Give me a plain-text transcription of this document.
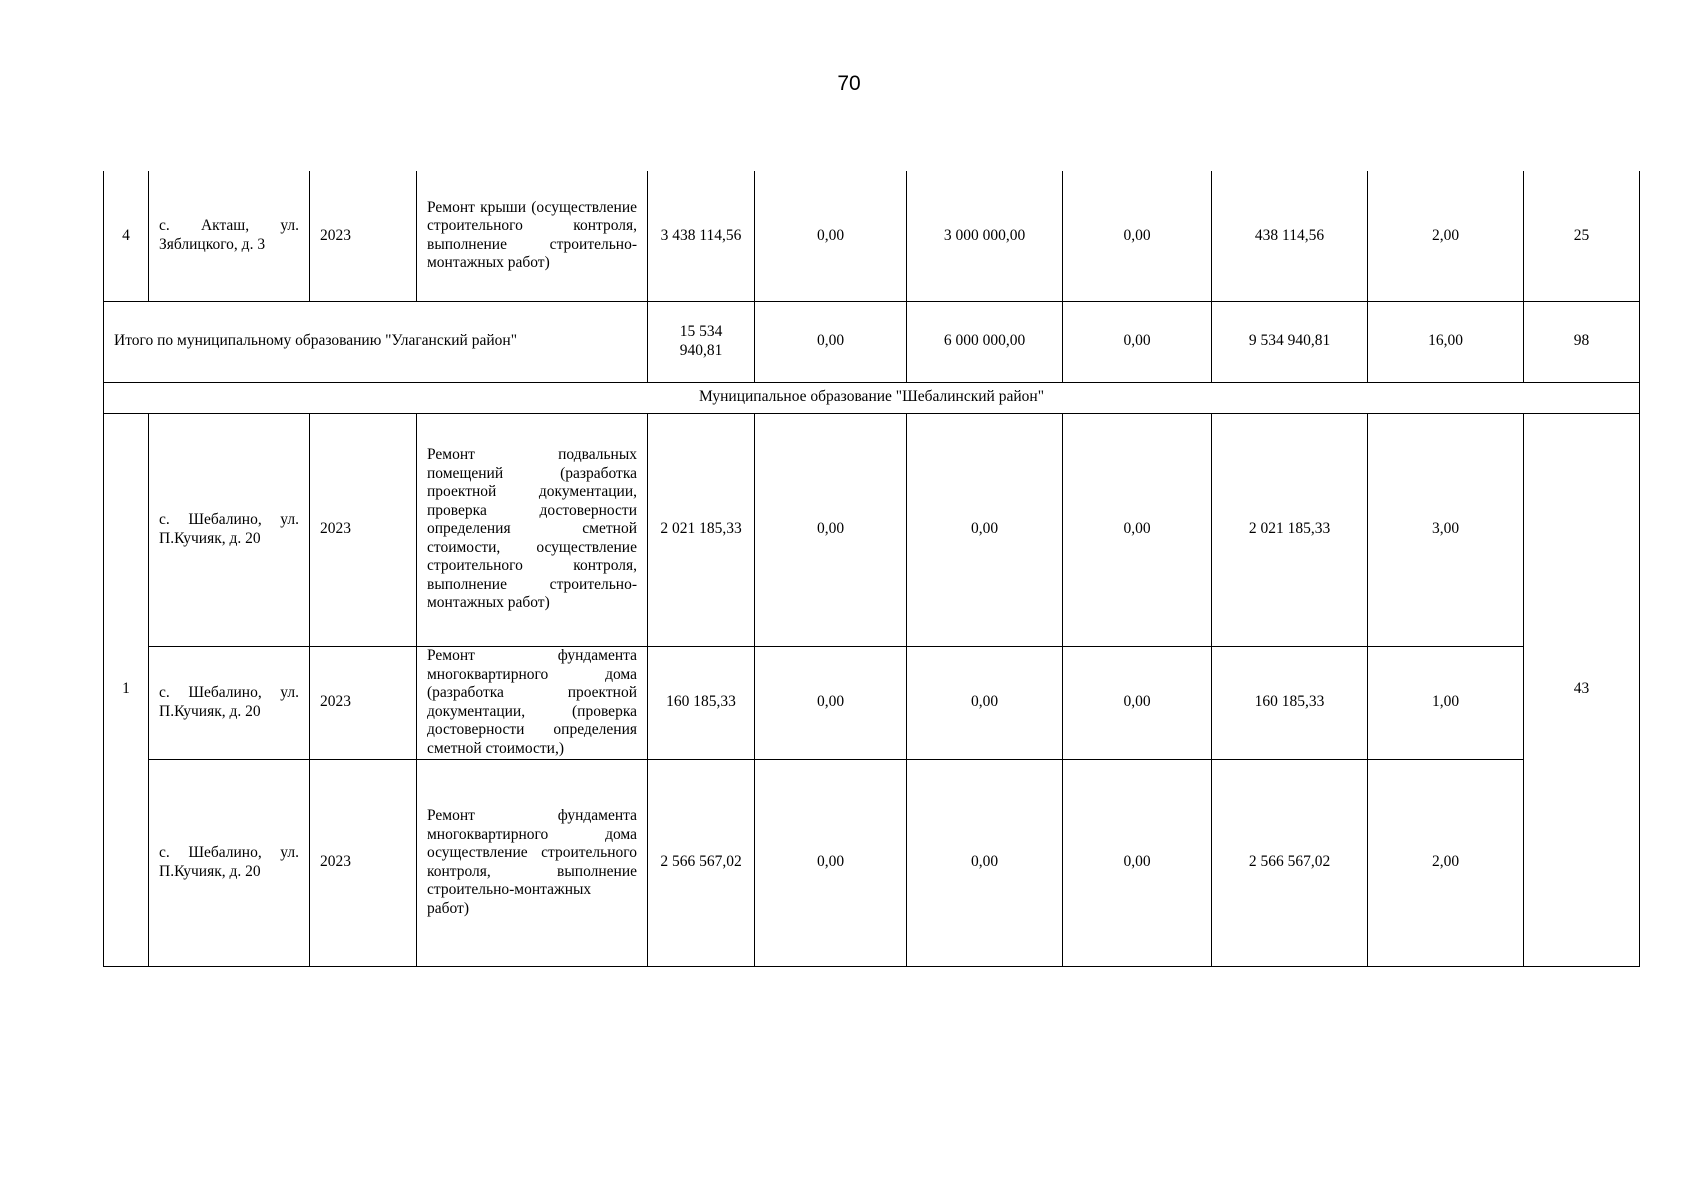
70
4	с. Акташ, ул. Зяблицкого, д. 3	2023	Ремонт крыши (осуществление строительного контроля, выполнение строительно-монтажных работ)	3 438 114,56	0,00	3 000 000,00	0,00	438 114,56	2,00	25
Итого по муниципальному образованию "Улаганский район"				15 534 940,81	0,00	6 000 000,00	0,00	9 534 940,81	16,00	98
Муниципальное образование "Шебалинский район"										
1	с. Шебалино, ул. П.Кучияк, д. 20	2023	Ремонт подвальных помещений (разработка проектной документации, проверка достоверности определения сметной стоимости, осуществление строительного контроля, выполнение строительно-монтажных работ)	2 021 185,33	0,00	0,00	0,00	2 021 185,33	3,00	43
	с. Шебалино, ул. П.Кучияк, д. 20	2023	Ремонт фундамента многоквартирного дома (разработка проектной документации, (проверка достоверности определения сметной стоимости,)	160 185,33	0,00	0,00	0,00	160 185,33	1,00	
	с. Шебалино, ул. П.Кучияк, д. 20	2023	Ремонт фундамента многоквартирного дома осуществление строительного контроля, выполнение строительно-монтажных работ)	2 566 567,02	0,00	0,00	0,00	2 566 567,02	2,00	
